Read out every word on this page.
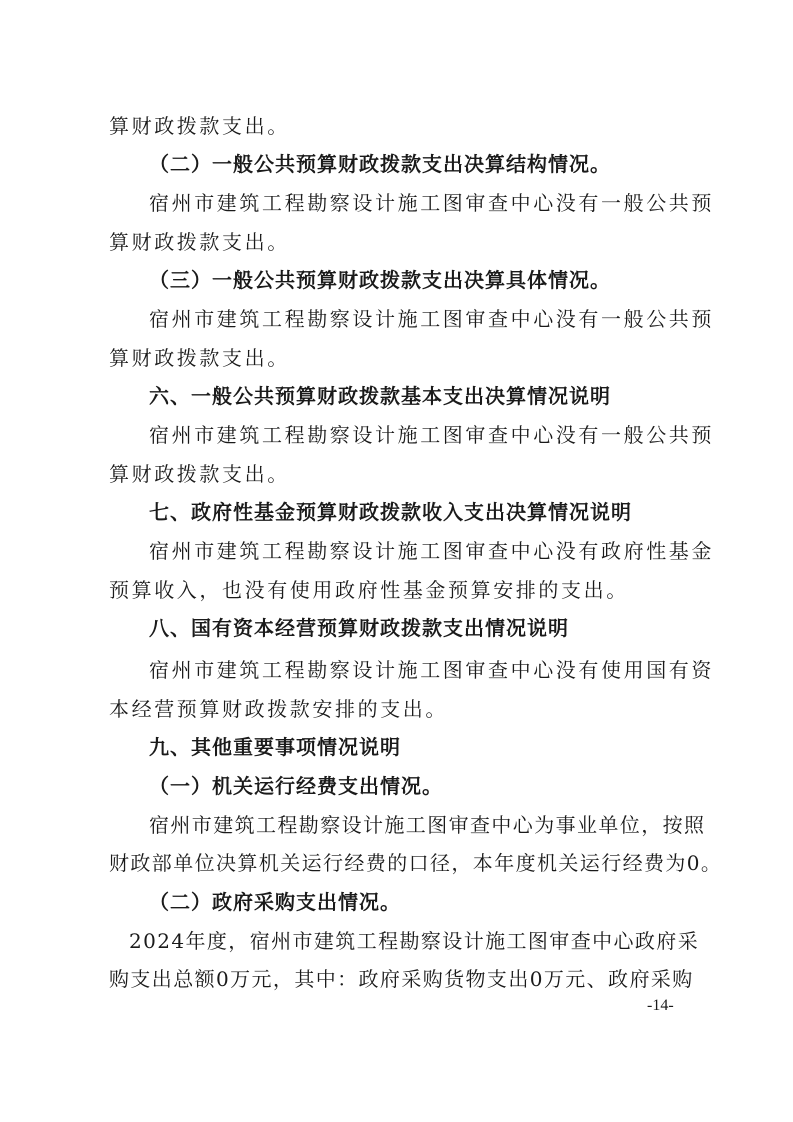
算财政拨款支出。
（二）一般公共预算财政拨款支出决算结构情况。
宿州市建筑工程勘察设计施工图审查中心没有一般公共预
算财政拨款支出。
（三）一般公共预算财政拨款支出决算具体情况。
宿州市建筑工程勘察设计施工图审查中心没有一般公共预
算财政拨款支出。
六、一般公共预算财政拨款基本支出决算情况说明
宿州市建筑工程勘察设计施工图审查中心没有一般公共预
算财政拨款支出。
七、政府性基金预算财政拨款收入支出决算情况说明
宿州市建筑工程勘察设计施工图审查中心没有政府性基金
预算收入，也没有使用政府性基金预算安排的支出。
八、国有资本经营预算财政拨款支出情况说明
宿州市建筑工程勘察设计施工图审查中心没有使用国有资
本经营预算财政拨款安排的支出。
九、其他重要事项情况说明
（一）机关运行经费支出情况。
宿州市建筑工程勘察设计施工图审查中心为事业单位，按照
财政部单位决算机关运行经费的口径，本年度机关运行经费为0。
（二）政府采购支出情况。
2024年度，宿州市建筑工程勘察设计施工图审查中心政府采
购支出总额0万元，其中：政府采购货物支出0万元、政府采购
-14-
